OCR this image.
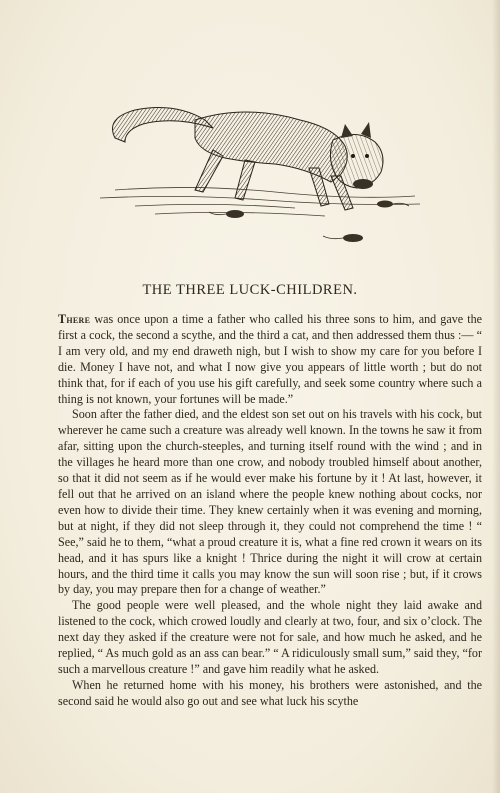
THE THREE LUCK-CHILDREN.

There was once upon a time a father who called his three sons to him, and gave the first a cock, the second a scythe, and the third a cat, and then addressed them thus :— “ I am very old, and my end draweth nigh, but I wish to show my care for you before I die. Money I have not, and what I now give you appears of little worth ; but do not think that, for if each of you use his gift carefully, and seek some country where such a thing is not known, your fortunes will be made.”

Soon after the father died, and the eldest son set out on his travels with his cock, but wherever he came such a creature was already well known. In the towns he saw it from afar, sitting upon the church-steeples, and turning itself round with the wind ; and in the villages he heard more than one crow, and nobody troubled himself about another, so that it did not seem as if he would ever make his fortune by it ! At last, however, it fell out that he arrived on an island where the people knew nothing about cocks, nor even how to divide their time. They knew certainly when it was evening and morning, but at night, if they did not sleep through it, they could not comprehend the time ! “ See,” said he to them, “what a proud creature it is, what a fine red crown it wears on its head, and it has spurs like a knight ! Thrice during the night it will crow at certain hours, and the third time it calls you may know the sun will soon rise ; but, if it crows by day, you may prepare then for a change of weather.”

The good people were well pleased, and the whole night they laid awake and listened to the cock, which crowed loudly and clearly at two, four, and six o’clock. The next day they asked if the creature were not for sale, and how much he asked, and he replied, “ As much gold as an ass can bear.” “ A ridiculously small sum,” said they, “for such a marvellous creature !” and gave him readily what he asked.

When he returned home with his money, his brothers were astonished, and the second said he would also go out and see what luck his scythe
